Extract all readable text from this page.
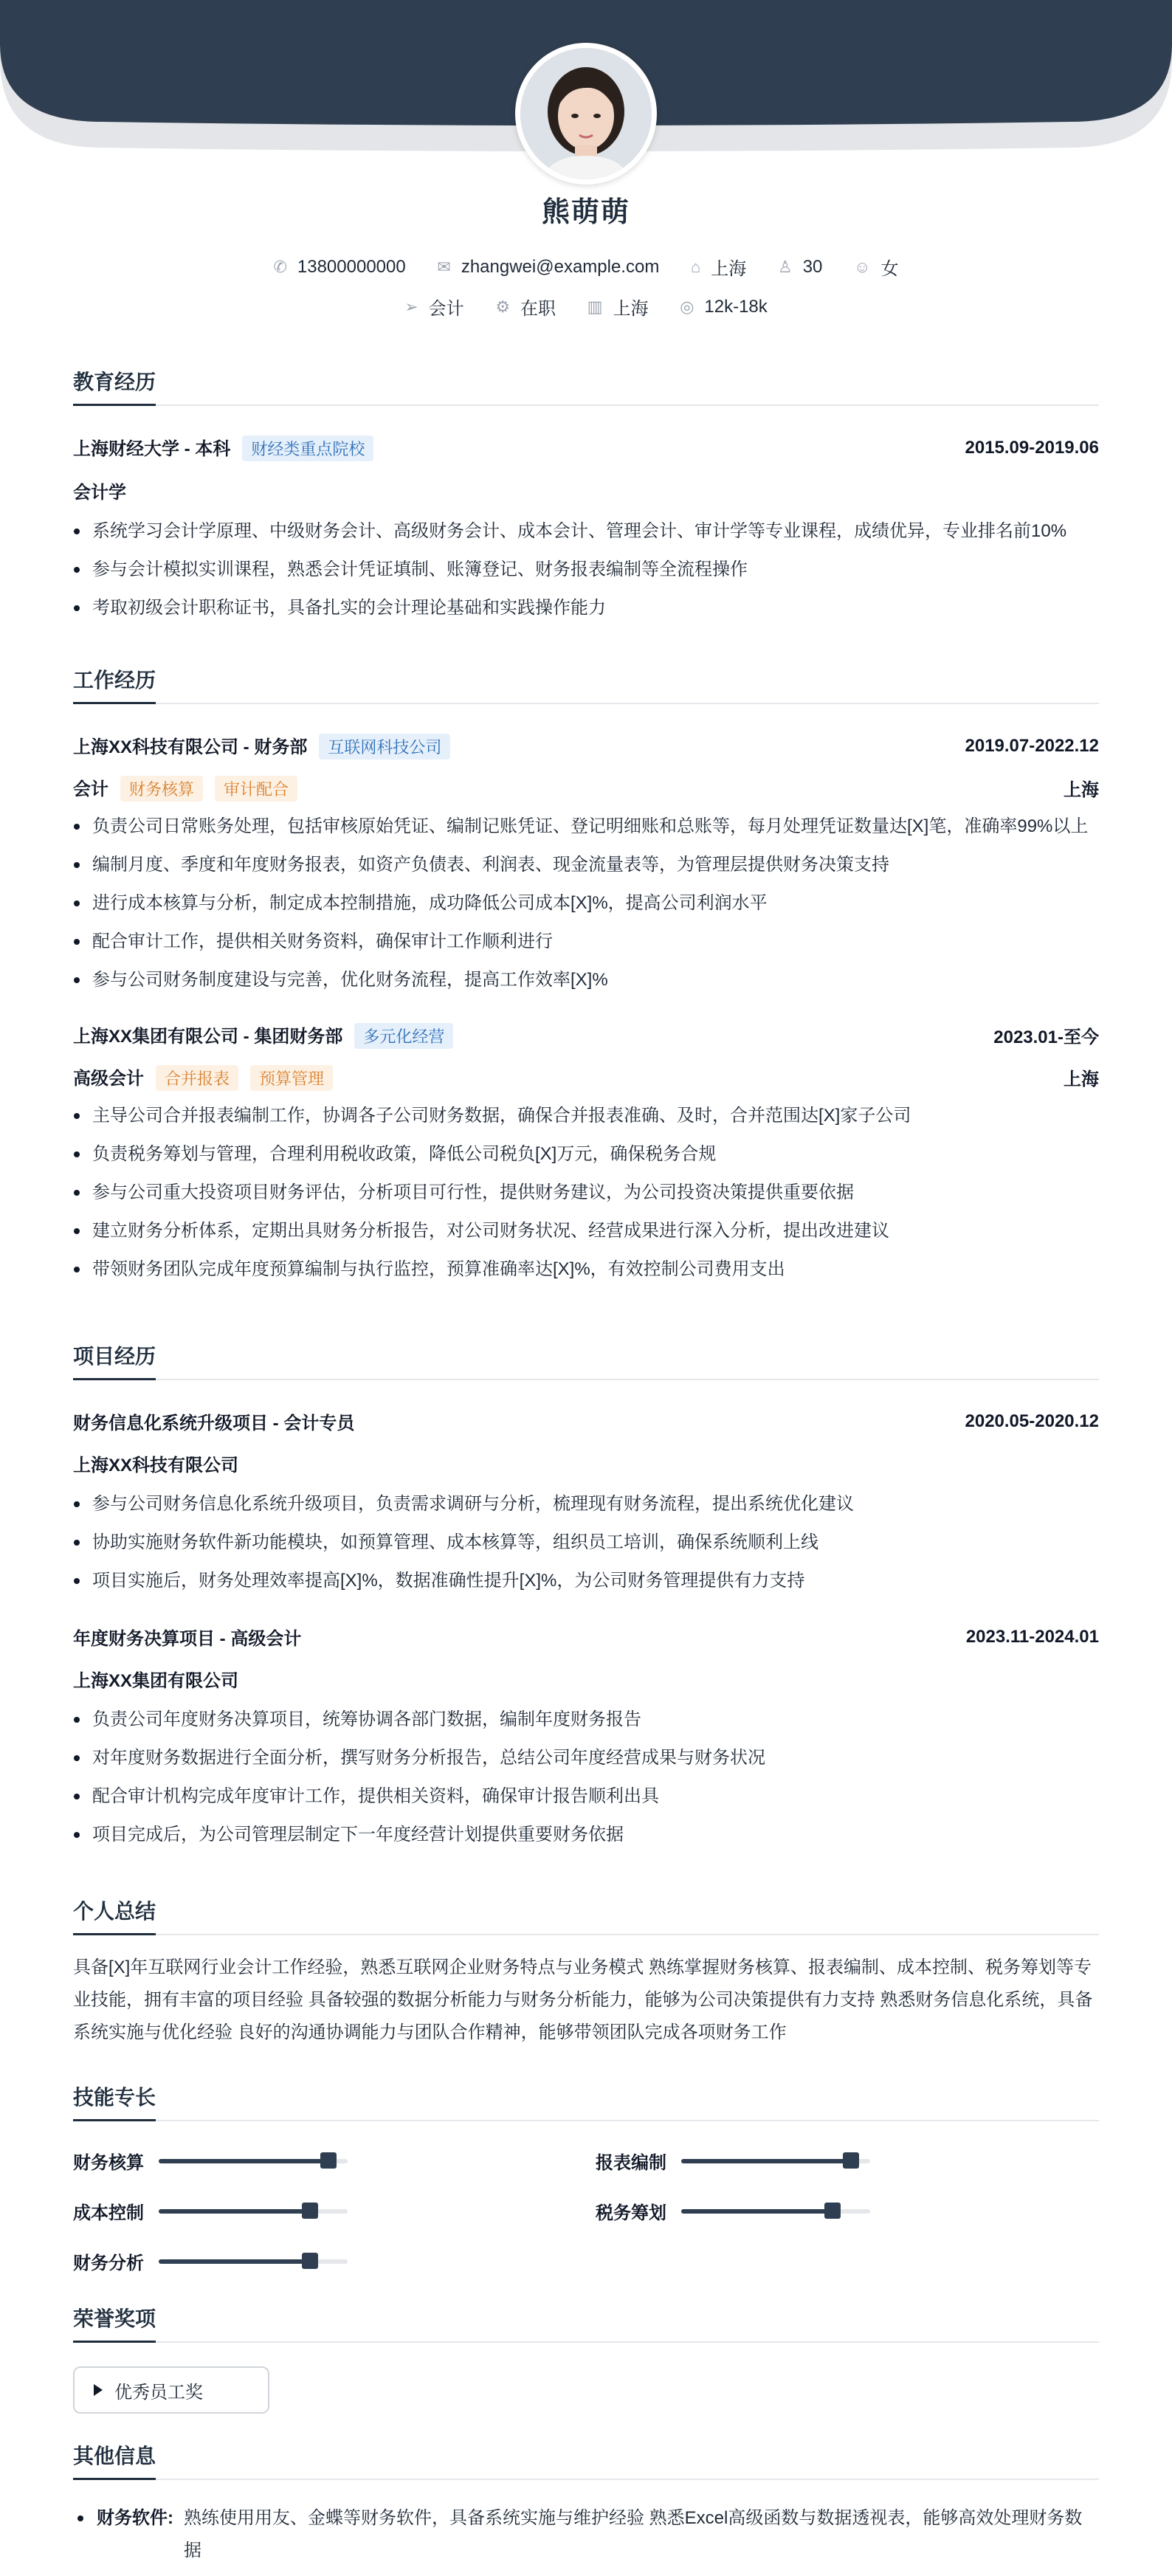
熊萌萌
✆ 13800000000
✉ zhangwei@example.com
⌂ 上海
♙ 30
☺ 女
➢ 会计
⚙ 在职
▥ 上海
◎ 12k-18k
教育经历
上海财经大学 - 本科 财经类重点院校	2015.09-2019.06
会计学
系统学习会计学原理、中级财务会计、高级财务会计、成本会计、管理会计、审计学等专业课程，成绩优异，专业排名前10%
参与会计模拟实训课程，熟悉会计凭证填制、账簿登记、财务报表编制等全流程操作
考取初级会计职称证书，具备扎实的会计理论基础和实践操作能力
工作经历
上海XX科技有限公司 - 财务部 互联网科技公司	2019.07-2022.12
会计 财务核算 审计配合	上海
负责公司日常账务处理，包括审核原始凭证、编制记账凭证、登记明细账和总账等，每月处理凭证数量达[X]笔，准确率99%以上
编制月度、季度和年度财务报表，如资产负债表、利润表、现金流量表等，为管理层提供财务决策支持
进行成本核算与分析，制定成本控制措施，成功降低公司成本[X]%，提高公司利润水平
配合审计工作，提供相关财务资料，确保审计工作顺利进行
参与公司财务制度建设与完善，优化财务流程，提高工作效率[X]%
上海XX集团有限公司 - 集团财务部 多元化经营	2023.01-至今
高级会计 合并报表 预算管理	上海
主导公司合并报表编制工作，协调各子公司财务数据，确保合并报表准确、及时，合并范围达[X]家子公司
负责税务筹划与管理，合理利用税收政策，降低公司税负[X]万元，确保税务合规
参与公司重大投资项目财务评估，分析项目可行性，提供财务建议，为公司投资决策提供重要依据
建立财务分析体系，定期出具财务分析报告，对公司财务状况、经营成果进行深入分析，提出改进建议
带领财务团队完成年度预算编制与执行监控，预算准确率达[X]%，有效控制公司费用支出
项目经历
财务信息化系统升级项目 - 会计专员	2020.05-2020.12
上海XX科技有限公司
参与公司财务信息化系统升级项目，负责需求调研与分析，梳理现有财务流程，提出系统优化建议
协助实施财务软件新功能模块，如预算管理、成本核算等，组织员工培训，确保系统顺利上线
项目实施后，财务处理效率提高[X]%，数据准确性提升[X]%，为公司财务管理提供有力支持
年度财务决算项目 - 高级会计	2023.11-2024.01
上海XX集团有限公司
负责公司年度财务决算项目，统筹协调各部门数据，编制年度财务报告
对年度财务数据进行全面分析，撰写财务分析报告，总结公司年度经营成果与财务状况
配合审计机构完成年度审计工作，提供相关资料，确保审计报告顺利出具
项目完成后，为公司管理层制定下一年度经营计划提供重要财务依据
个人总结
具备[X]年互联网行业会计工作经验，熟悉互联网企业财务特点与业务模式 熟练掌握财务核算、报表编制、成本控制、税务筹划等专
业技能，拥有丰富的项目经验 具备较强的数据分析能力与财务分析能力，能够为公司决策提供有力支持 熟悉财务信息化系统，具备
系统实施与优化经验 良好的沟通协调能力与团队合作精神，能够带领团队完成各项财务工作
技能专长
财务核算	报表编制
成本控制	税务筹划
财务分析
荣誉奖项
优秀员工奖
其他信息
财务软件: 熟练使用用友、金蝶等财务软件，具备系统实施与维护经验 熟悉Excel高级函数与数据透视表，能够高效处理财务数
据
